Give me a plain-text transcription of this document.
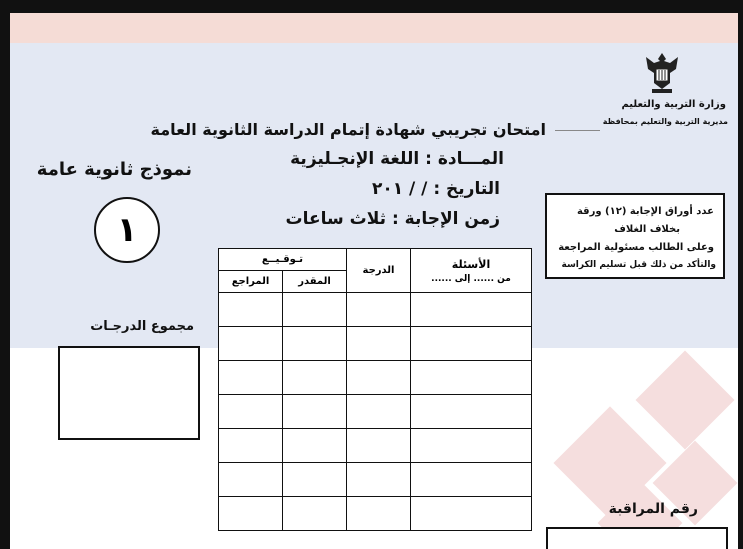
وزارة التربية والتعليم
مديرية التربية والتعليم بمحافظة
امتحان تجريبي شهادة إتمام الدراسة الثانوية العامة
المـــادة : اللغة الإنجـليزية
التاريخ : / / ٢٠١
زمن الإجابة : ثلاث ساعات
نموذج ثانوية عامة
١	عدد أوراق الإجابة (١٢) ورقة
بخلاف الغلاف
وعلى الطالب مسئولية المراجعة
والتأكد من ذلك قبل تسليم الكراسة
الأسئلة
من ...... إلى ......	الدرجة	تـوقـيــع	
		المقدر	المراجع

مجموع الدرجـات
رقم المراقبة
